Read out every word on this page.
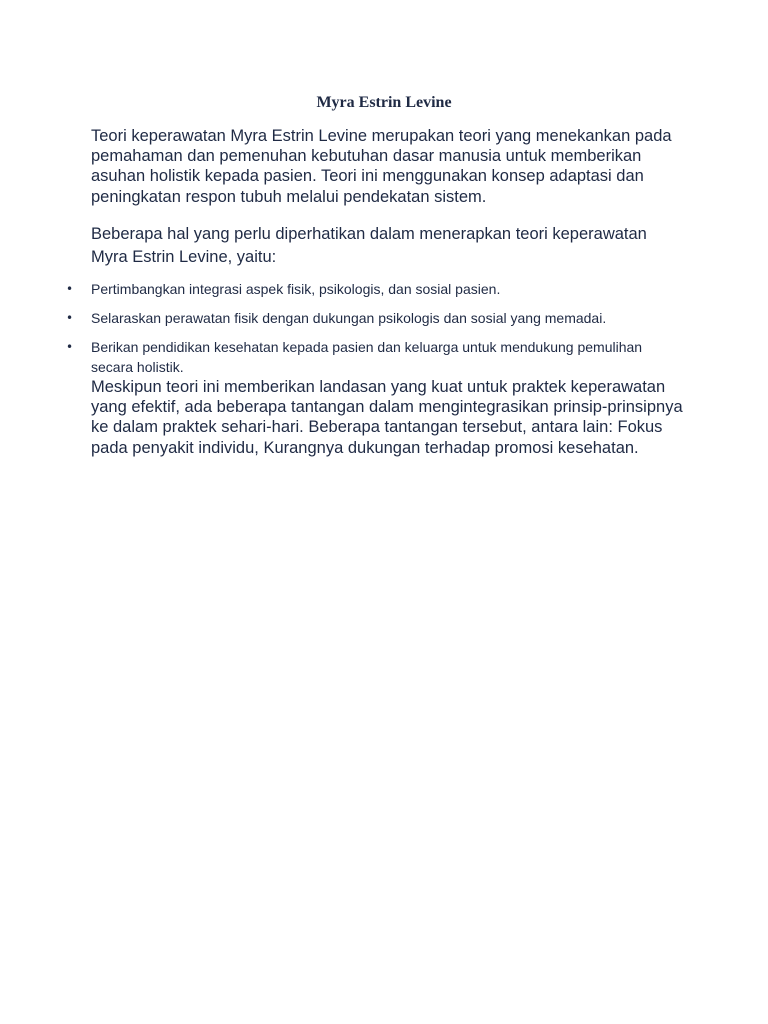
Myra Estrin Levine

Teori keperawatan Myra Estrin Levine merupakan teori yang menekankan pada pemahaman dan pemenuhan kebutuhan dasar manusia untuk memberikan asuhan holistik kepada pasien. Teori ini menggunakan konsep adaptasi dan peningkatan respon tubuh melalui pendekatan sistem.

Beberapa hal yang perlu diperhatikan dalam menerapkan teori keperawatan Myra Estrin Levine, yaitu:

• Pertimbangkan integrasi aspek fisik, psikologis, dan sosial pasien.
• Selaraskan perawatan fisik dengan dukungan psikologis dan sosial yang memadai.
• Berikan pendidikan kesehatan kepada pasien dan keluarga untuk mendukung pemulihan secara holistik.

Meskipun teori ini memberikan landasan yang kuat untuk praktek keperawatan yang efektif, ada beberapa tantangan dalam mengintegrasikan prinsip-prinsipnya ke dalam praktek sehari-hari. Beberapa tantangan tersebut, antara lain: Fokus pada penyakit individu, Kurangnya dukungan terhadap promosi kesehatan.
